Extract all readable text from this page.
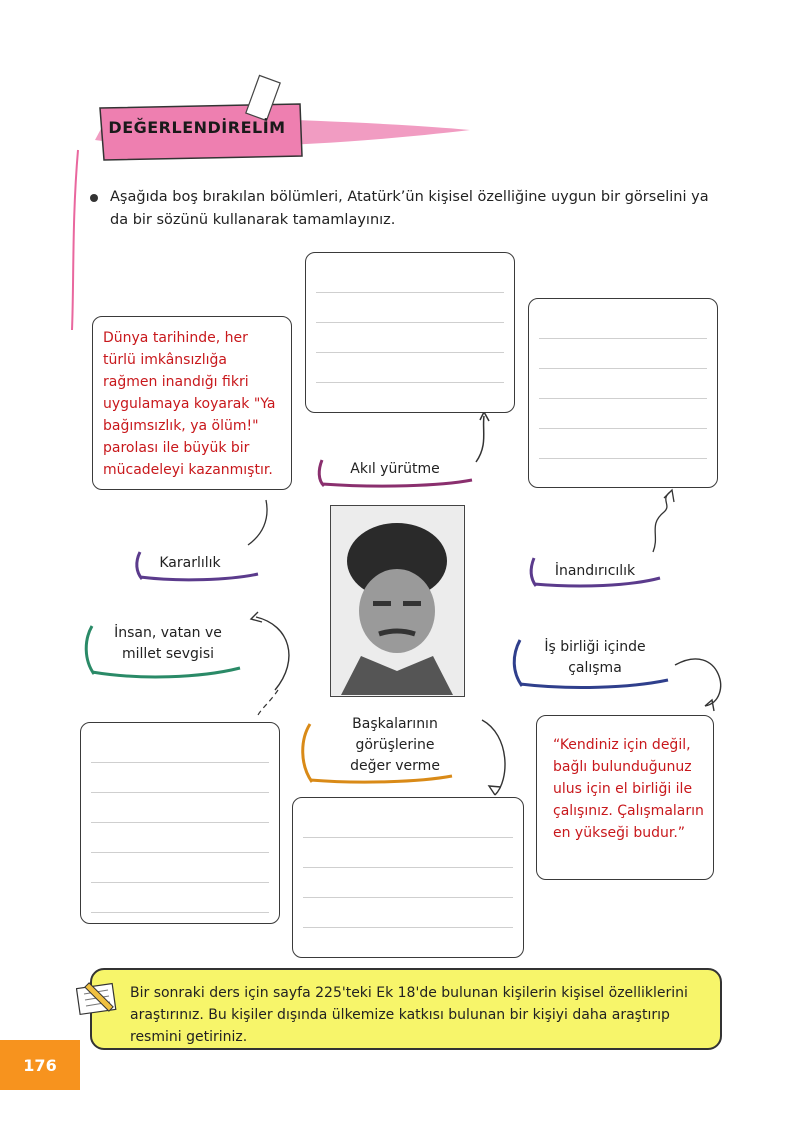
DEĞERLENDİRELİM
Aşağıda boş bırakılan bölümleri, Atatürk’ün kişisel özelliğine uygun bir görselini ya da bir sözünü kullanarak tamamlayınız.
Dünya tarihinde, her türlü imkânsızlığa rağmen inandığı fikri uygulamaya koyarak "Ya bağımsızlık, ya ölüm!" parolası ile büyük bir mücadeleyi kazanmıştır.
“Kendiniz için değil, bağlı bulunduğunuz ulus için el birliği ile çalışınız. Çalışmaların en yükseği budur.”
Akıl yürütme
Kararlılık	İnandırıcılık
İnsan, vatan ve
millet sevgisi	İş birliği içinde
çalışma
Başkalarının
görüşlerine
değer verme
Bir sonraki ders için sayfa 225'teki Ek 18'de bulunan kişilerin kişisel özelliklerini araştırınız. Bu kişiler dışında ülkemize katkısı bulunan bir kişiyi daha araştırıp resmini getiriniz.
176
